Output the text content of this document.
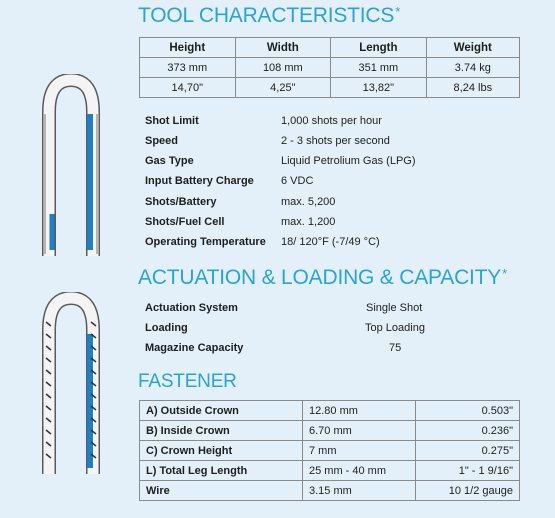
TOOL CHARACTERISTICS*
Height	Width	Length	Weight
373 mm	108 mm	351 mm	3.74 kg
14,70"	4,25"	13,82"	8,24 lbs
Shot Limit	1,000 shots per hour
Speed	2 - 3 shots per second
Gas Type	Liquid Petrolium Gas (LPG)
Input Battery Charge 6 VDC
Shots/Battery	max. 5,200
Shots/Fuel Cell	max. 1,200
Operating Temperature 18/ 120°F (-7/49 °C)
ACTUATION & LOADING & CAPACITY*
Actuation System	Single Shot
Loading	Top Loading
Magazine Capacity	75
FASTENER
A) Outside Crown	12.80 mm	0.503"
B) Inside Crown	6.70 mm	0.236"
C) Crown Height	7 mm	0.275"
L) Total Leg Length	25 mm - 40 mm	1" - 1 9/16"
Wire	3.15 mm	10 1/2 gauge
